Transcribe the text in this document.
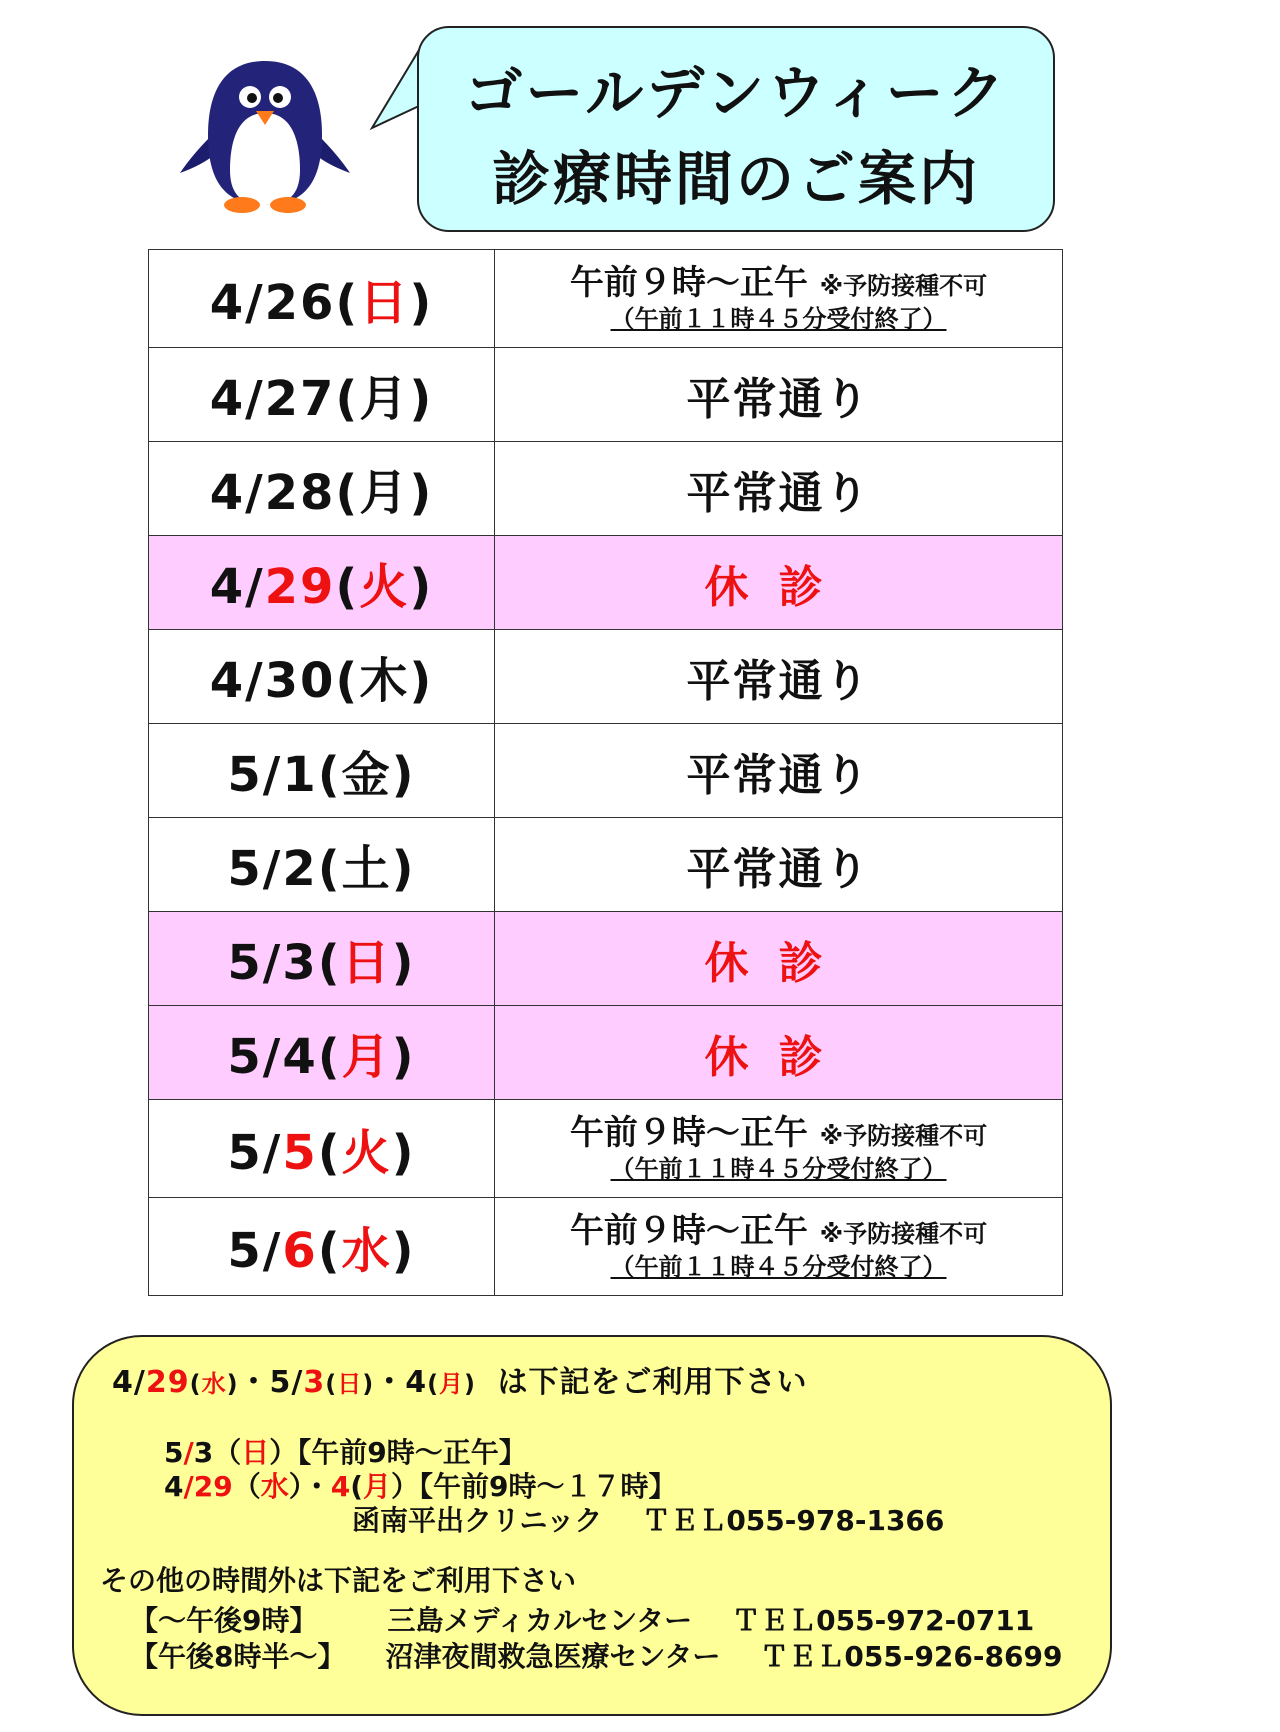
ゴールデンウィーク
診療時間のご案内
4/26(日)	午前９時～正午 ※予防接種不可
（午前１１時４５分受付終了）

4/27(月)	平常通り
4/28(月)	平常通り
4/29(火)	休診
4/30(木)	平常通り
5/1(金)	平常通り
5/2(土)	平常通り
5/3(日)	休診
5/4(月)	休診
5/5(火)	午前９時～正午 ※予防接種不可
（午前１１時４５分受付終了）

5/6(水)	午前９時～正午 ※予防接種不可
（午前１１時４５分受付終了）
4/29(水)・5/3(日)・4(月) は下記をご利用下さい
5/3（日）【午前9時～正午】
4/29（水）・4(月）【午前9時～１７時】
函南平出クリニック ＴＥＬ055-978-1366
その他の時間外は下記をご利用下さい
【～午後9時】	三島メディカルセンター ＴＥＬ055-972-0711
【午後8時半～】 沼津夜間救急医療センター ＴＥＬ055-926-8699
